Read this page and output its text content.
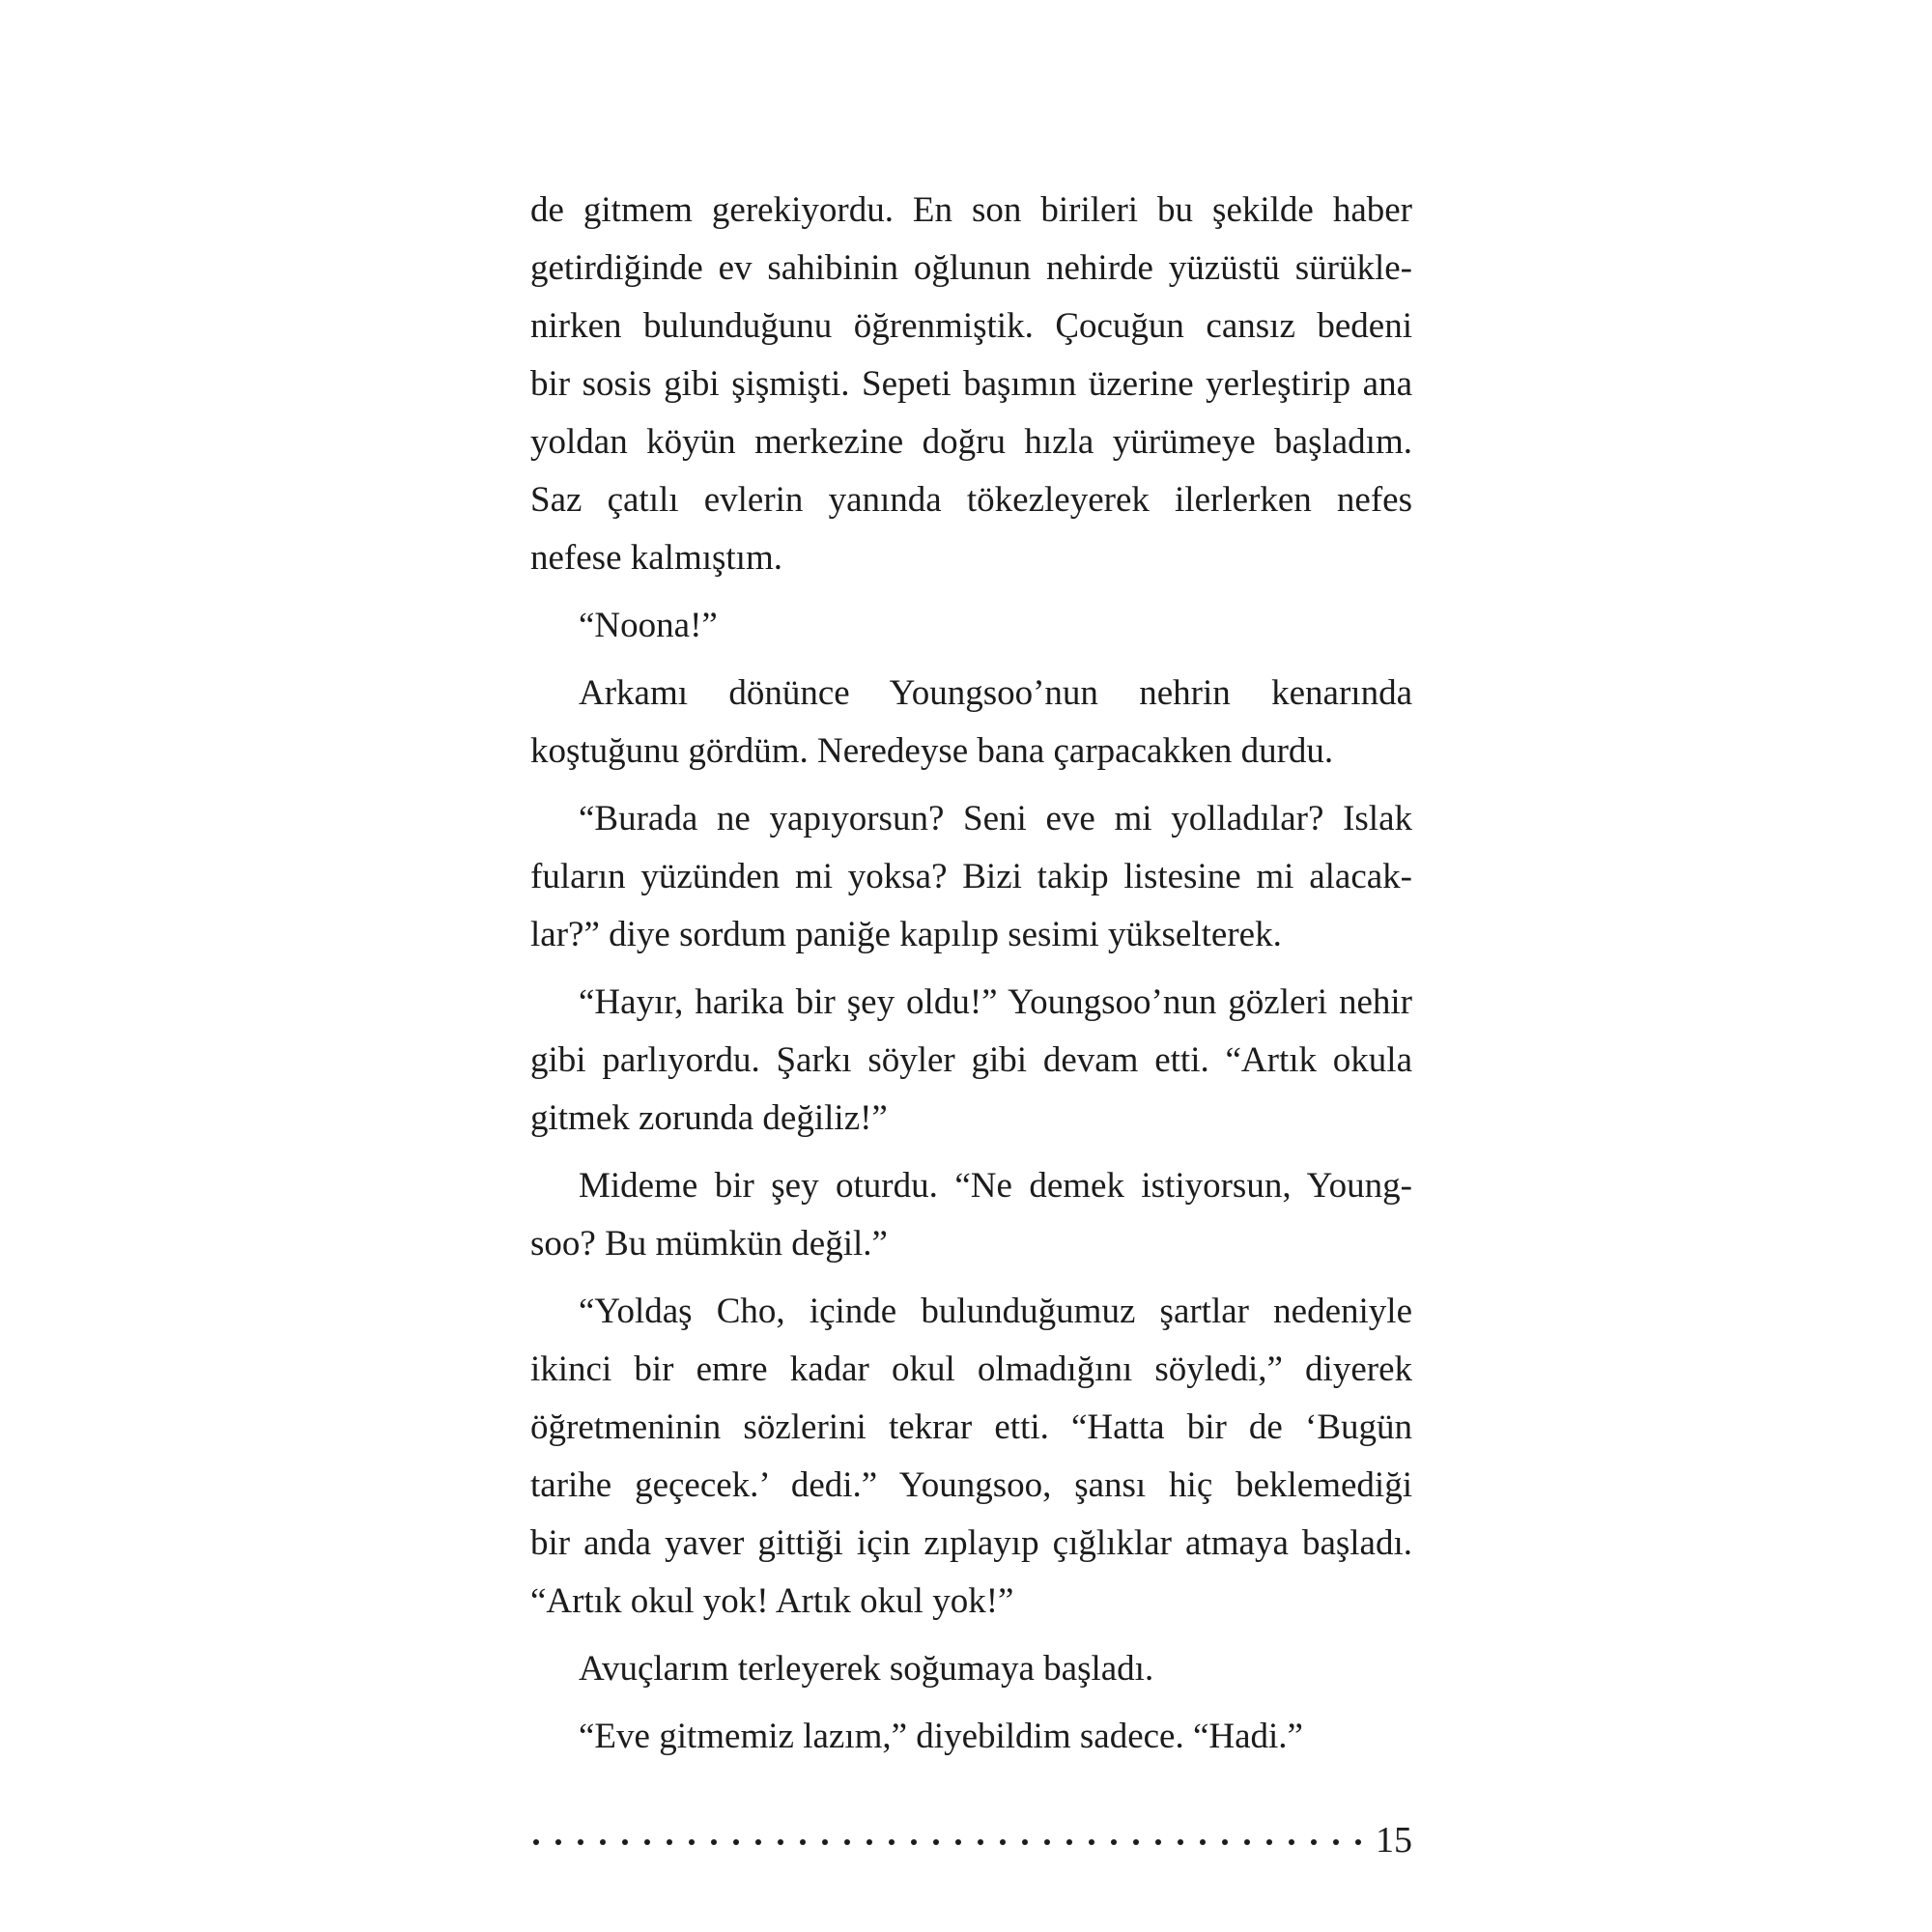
de gitmem gerekiyordu. En son birileri bu şekilde haber
getirdiğinde ev sahibinin oğlunun nehirde yüzüstü sürükle-
nirken bulunduğunu öğrenmiştik. Çocuğun cansız bedeni
bir sosis gibi şişmişti. Sepeti başımın üzerine yerleştirip ana
yoldan köyün merkezine doğru hızla yürümeye başladım.
Saz çatılı evlerin yanında tökezleyerek ilerlerken nefes
nefese kalmıştım.
“Noona!”
Arkamı dönünce Youngsoo’nun nehrin kenarında
koştuğunu gördüm. Neredeyse bana çarpacakken durdu.
“Burada ne yapıyorsun? Seni eve mi yolladılar? Islak
fuların yüzünden mi yoksa? Bizi takip listesine mi alacak-
lar?” diye sordum paniğe kapılıp sesimi yükselterek.
“Hayır, harika bir şey oldu!” Youngsoo’nun gözleri nehir
gibi parlıyordu. Şarkı söyler gibi devam etti. “Artık okula
gitmek zorunda değiliz!”
Mideme bir şey oturdu. “Ne demek istiyorsun, Young-
soo? Bu mümkün değil.”
“Yoldaş Cho, içinde bulunduğumuz şartlar nedeniyle
ikinci bir emre kadar okul olmadığını söyledi,” diyerek
öğretmeninin sözlerini tekrar etti. “Hatta bir de ‘Bugün
tarihe geçecek.’ dedi.” Youngsoo, şansı hiç beklemediği
bir anda yaver gittiği için zıplayıp çığlıklar atmaya başladı.
“Artık okul yok! Artık okul yok!”
Avuçlarım terleyerek soğumaya başladı.
“Eve gitmemiz lazım,” diyebildim sadece. “Hadi.”
15
